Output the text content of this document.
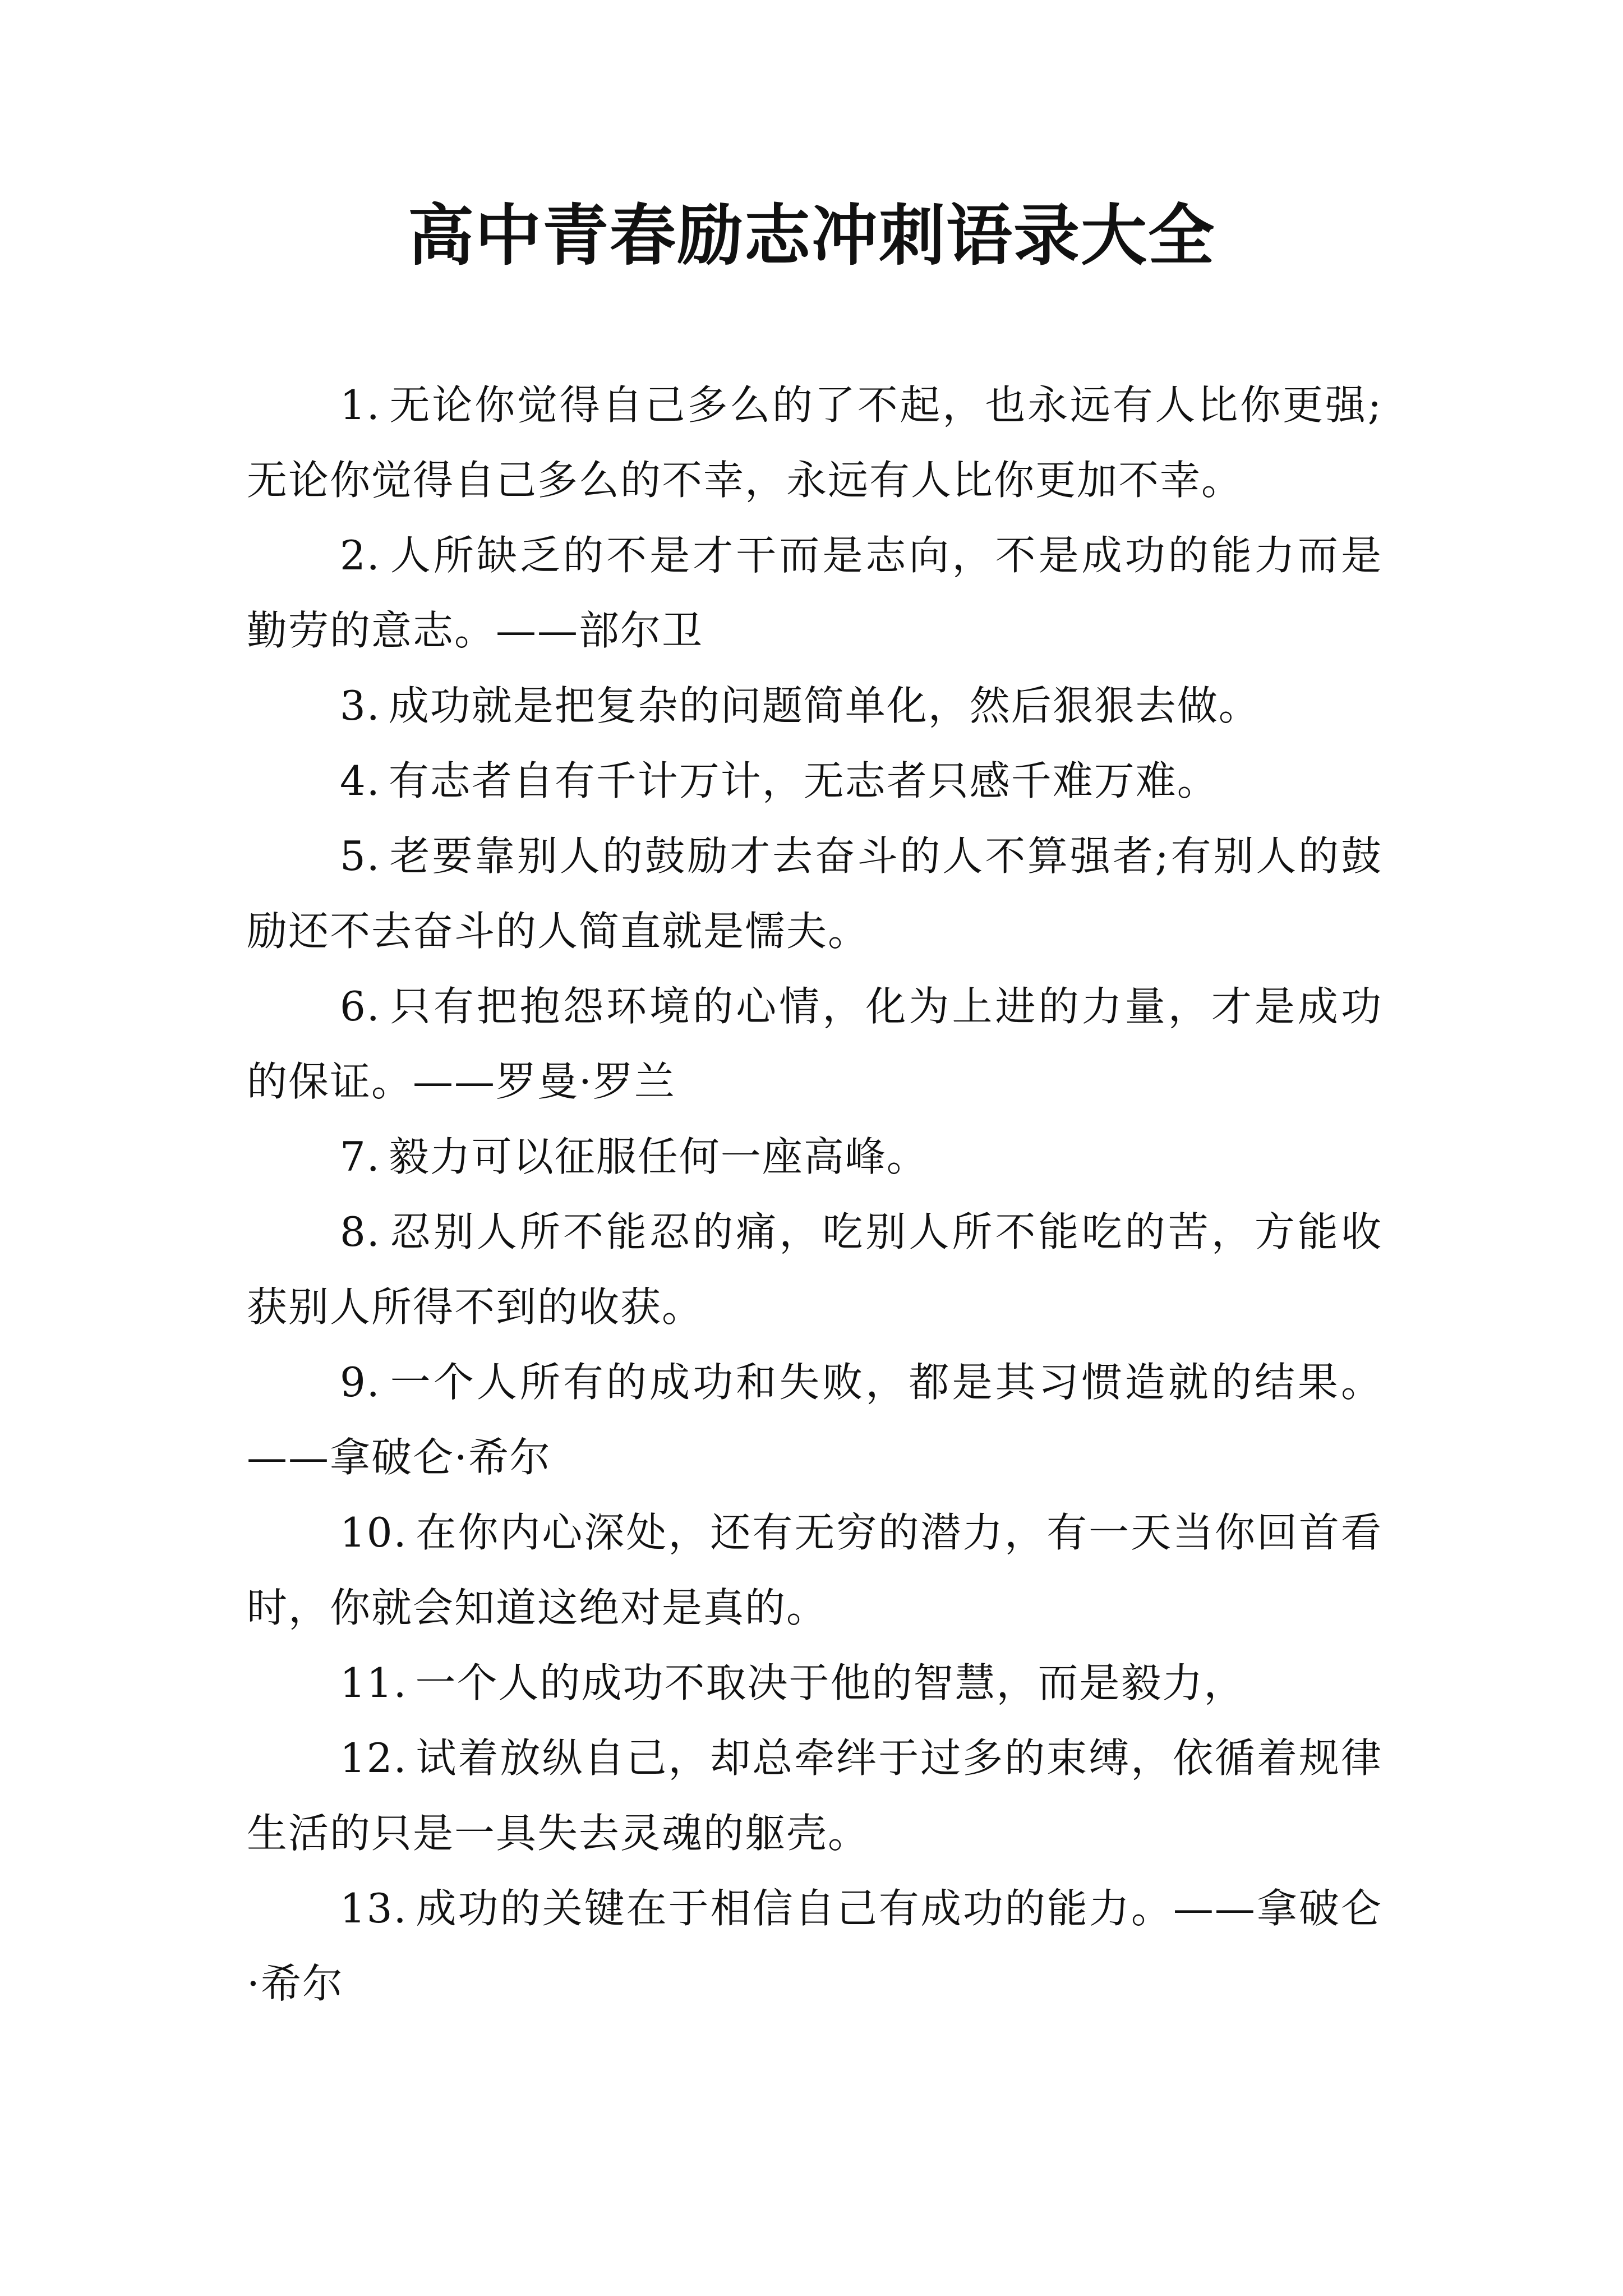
高中青春励志冲刺语录大全

1. 无论你觉得自己多么的了不起，也永远有人比你更强;无论你觉得自己多么的不幸，永远有人比你更加不幸。

2. 人所缺乏的不是才干而是志向，不是成功的能力而是勤劳的意志。——部尔卫

3. 成功就是把复杂的问题简单化，然后狠狠去做。

4. 有志者自有千计万计，无志者只感千难万难。

5. 老要靠别人的鼓励才去奋斗的人不算强者;有别人的鼓励还不去奋斗的人简直就是懦夫。

6. 只有把抱怨环境的心情，化为上进的力量，才是成功的保证。——罗曼·罗兰

7. 毅力可以征服任何一座高峰。

8. 忍别人所不能忍的痛，吃别人所不能吃的苦，方能收获别人所得不到的收获。

9. 一个人所有的成功和失败，都是其习惯造就的结果。——拿破仑·希尔

10. 在你内心深处，还有无穷的潜力，有一天当你回首看时，你就会知道这绝对是真的。

11. 一个人的成功不取决于他的智慧，而是毅力，

12. 试着放纵自己，却总牵绊于过多的束缚，依循着规律生活的只是一具失去灵魂的躯壳。

13. 成功的关键在于相信自己有成功的能力。——拿破仑·希尔
